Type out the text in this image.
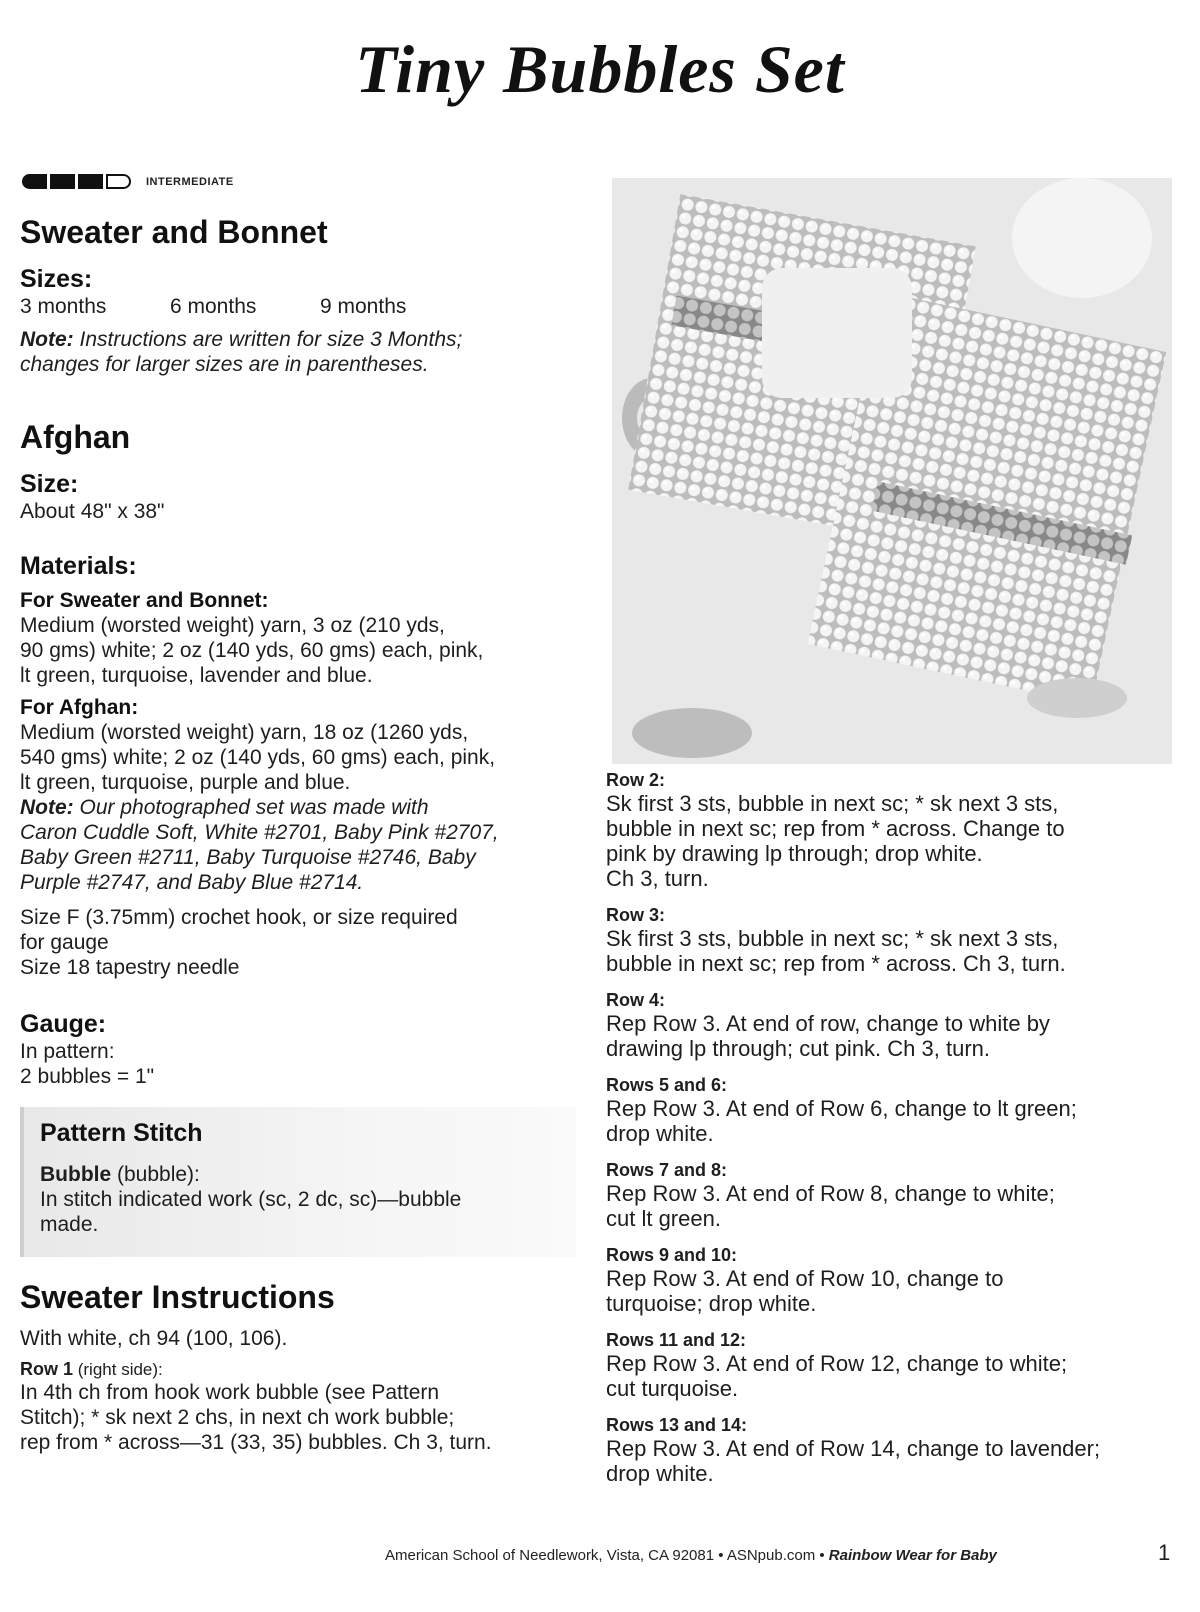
Tiny Bubbles Set
INTERMEDIATE
Sweater and Bonnet
Sizes:
3 months	6 months	9 months
Note: Instructions are written for size 3 Months;
changes for larger sizes are in parentheses.
Afghan
Size:
About 48" x 38"
Materials:
For Sweater and Bonnet:
Medium (worsted weight) yarn, 3 oz (210 yds,
90 gms) white; 2 oz (140 yds, 60 gms) each, pink,
lt green, turquoise, lavender and blue.
For Afghan:
Medium (worsted weight) yarn, 18 oz (1260 yds,
540 gms) white; 2 oz (140 yds, 60 gms) each, pink,
lt green, turquoise, purple and blue.
Note: Our photographed set was made with
Caron Cuddle Soft, White #2701, Baby Pink #2707,
Baby Green #2711, Baby Turquoise #2746, Baby
Purple #2747, and Baby Blue #2714.
Size F (3.75mm) crochet hook, or size required
for gauge
Size 18 tapestry needle
Gauge:
In pattern:
2 bubbles = 1"
Pattern Stitch
Bubble (bubble):
In stitch indicated work (sc, 2 dc, sc)—bubble
made.
Sweater Instructions
With white, ch 94 (100, 106).
Row 1 (right side):
In 4th ch from hook work bubble (see Pattern
Stitch); * sk next 2 chs, in next ch work bubble;
rep from * across—31 (33, 35) bubbles. Ch 3, turn.
Row 2:
Sk first 3 sts, bubble in next sc; * sk next 3 sts,
bubble in next sc; rep from * across. Change to
pink by drawing lp through; drop white.
Ch 3, turn.
Row 3:
Sk first 3 sts, bubble in next sc; * sk next 3 sts,
bubble in next sc; rep from * across. Ch 3, turn.
Row 4:
Rep Row 3. At end of row, change to white by
drawing lp through; cut pink. Ch 3, turn.
Rows 5 and 6:
Rep Row 3. At end of Row 6, change to lt green;
drop white.
Rows 7 and 8:
Rep Row 3. At end of Row 8, change to white;
cut lt green.
Rows 9 and 10:
Rep Row 3. At end of Row 10, change to
turquoise; drop white.
Rows 11 and 12:
Rep Row 3. At end of Row 12, change to white;
cut turquoise.
Rows 13 and 14:
Rep Row 3. At end of Row 14, change to lavender;
drop white.
American School of Needlework, Vista, CA 92081 • ASNpub.com • Rainbow Wear for Baby	1
